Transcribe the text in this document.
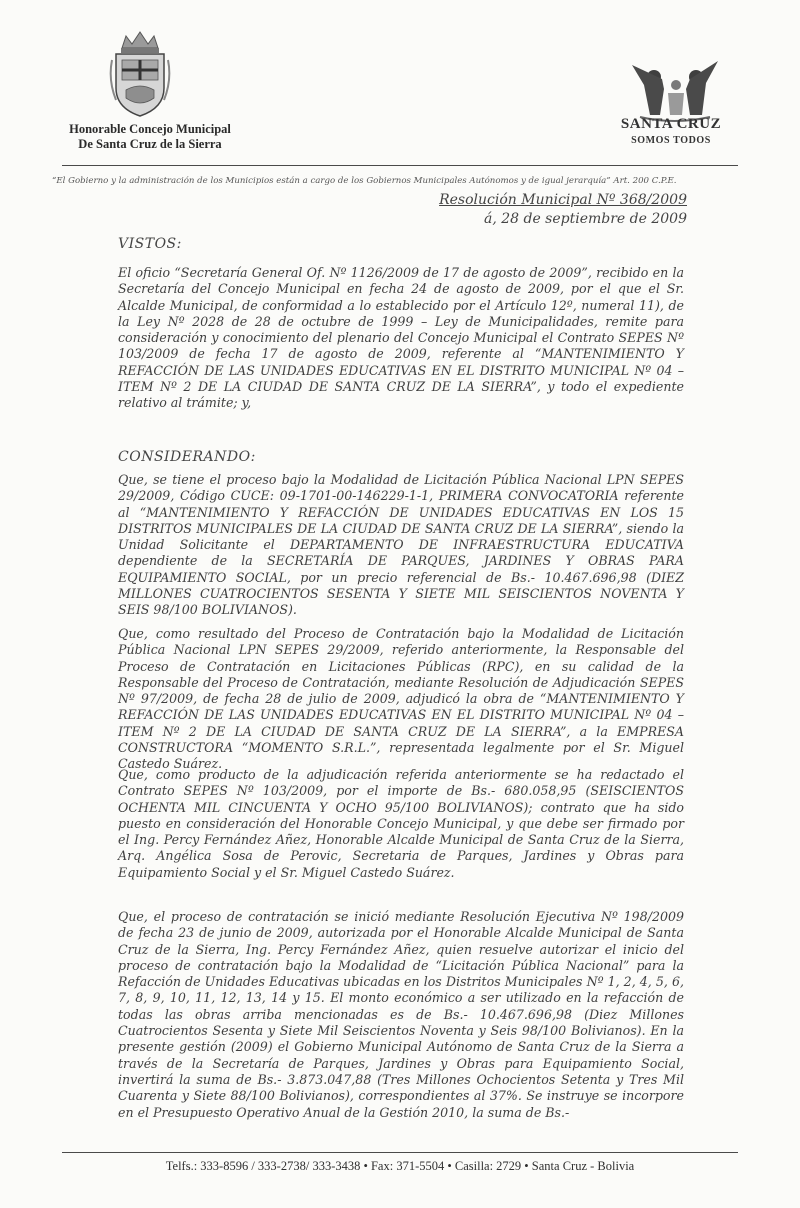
Honorable Concejo Municipal
De Santa Cruz de la Sierra
SANTA CRUZ
SOMOS TODOS
“El Gobierno y la administración de los Municipios están a cargo de los Gobiernos Municipales Autónomos y de igual jerarquía” Art. 200 C.P.E.
Resolución Municipal Nº 368/2009
á, 28 de septiembre de 2009
VISTOS:
El oficio “Secretaría General Of. Nº 1126/2009 de 17 de agosto de 2009”, recibido en la Secretaría del Concejo Municipal en fecha 24 de agosto de 2009, por el que el Sr. Alcalde Municipal, de conformidad a lo establecido por el Artículo 12º, numeral 11), de la Ley Nº 2028 de 28 de octubre de 1999 – Ley de Municipalidades, remite para consideración y conocimiento del plenario del Concejo Municipal el Contrato SEPES Nº 103/2009 de fecha 17 de agosto de 2009, referente al “MANTENIMIENTO Y REFACCIÓN DE LAS UNIDADES EDUCATIVAS EN EL DISTRITO MUNICIPAL Nº 04 – ITEM Nº 2 DE LA CIUDAD DE SANTA CRUZ DE LA SIERRA”, y todo el expediente relativo al trámite; y,
CONSIDERANDO:
Que, se tiene el proceso bajo la Modalidad de Licitación Pública Nacional LPN SEPES 29/2009, Código CUCE: 09-1701-00-146229-1-1, PRIMERA CONVOCATORIA referente al “MANTENIMIENTO Y REFACCIÓN DE UNIDADES EDUCATIVAS EN LOS 15 DISTRITOS MUNICIPALES DE LA CIUDAD DE SANTA CRUZ DE LA SIERRA”, siendo la Unidad Solicitante el DEPARTAMENTO DE INFRAESTRUCTURA EDUCATIVA dependiente de la SECRETARÍA DE PARQUES, JARDINES Y OBRAS PARA EQUIPAMIENTO SOCIAL, por un precio referencial de Bs.- 10.467.696,98 (DIEZ MILLONES CUATROCIENTOS SESENTA Y SIETE MIL SEISCIENTOS NOVENTA Y SEIS 98/100 BOLIVIANOS).
Que, como resultado del Proceso de Contratación bajo la Modalidad de Licitación Pública Nacional LPN SEPES 29/2009, referido anteriormente, la Responsable del Proceso de Contratación en Licitaciones Públicas (RPC), en su calidad de la Responsable del Proceso de Contratación, mediante Resolución de Adjudicación SEPES Nº 97/2009, de fecha 28 de julio de 2009, adjudicó la obra de “MANTENIMIENTO Y REFACCIÓN DE LAS UNIDADES EDUCATIVAS EN EL DISTRITO MUNICIPAL Nº 04 – ITEM Nº 2 DE LA CIUDAD DE SANTA CRUZ DE LA SIERRA”, a la EMPRESA CONSTRUCTORA “MOMENTO S.R.L.”, representada legalmente por el Sr. Miguel Castedo Suárez.
Que, como producto de la adjudicación referida anteriormente se ha redactado el Contrato SEPES Nº 103/2009, por el importe de Bs.- 680.058,95 (SEISCIENTOS OCHENTA MIL CINCUENTA Y OCHO 95/100 BOLIVIANOS); contrato que ha sido puesto en consideración del Honorable Concejo Municipal, y que debe ser firmado por el Ing. Percy Fernández Añez, Honorable Alcalde Municipal de Santa Cruz de la Sierra, Arq. Angélica Sosa de Perovic, Secretaria de Parques, Jardines y Obras para Equipamiento Social y el Sr. Miguel Castedo Suárez.
Que, el proceso de contratación se inició mediante Resolución Ejecutiva Nº 198/2009 de fecha 23 de junio de 2009, autorizada por el Honorable Alcalde Municipal de Santa Cruz de la Sierra, Ing. Percy Fernández Añez, quien resuelve autorizar el inicio del proceso de contratación bajo la Modalidad de “Licitación Pública Nacional” para la Refacción de Unidades Educativas ubicadas en los Distritos Municipales Nº 1, 2, 4, 5, 6, 7, 8, 9, 10, 11, 12, 13, 14 y 15. El monto económico a ser utilizado en la refacción de todas las obras arriba mencionadas es de Bs.- 10.467.696,98 (Diez Millones Cuatrocientos Sesenta y Siete Mil Seiscientos Noventa y Seis 98/100 Bolivianos). En la presente gestión (2009) el Gobierno Municipal Autónomo de Santa Cruz de la Sierra a través de la Secretaría de Parques, Jardines y Obras para Equipamiento Social, invertirá la suma de Bs.- 3.873.047,88 (Tres Millones Ochocientos Setenta y Tres Mil Cuarenta y Siete 88/100 Bolivianos), correspondientes al 37%. Se instruye se incorpore en el Presupuesto Operativo Anual de la Gestión 2010, la suma de Bs.-
Telfs.: 333-8596 / 333-2738/ 333-3438 • Fax: 371-5504 • Casilla: 2729 • Santa Cruz - Bolivia
